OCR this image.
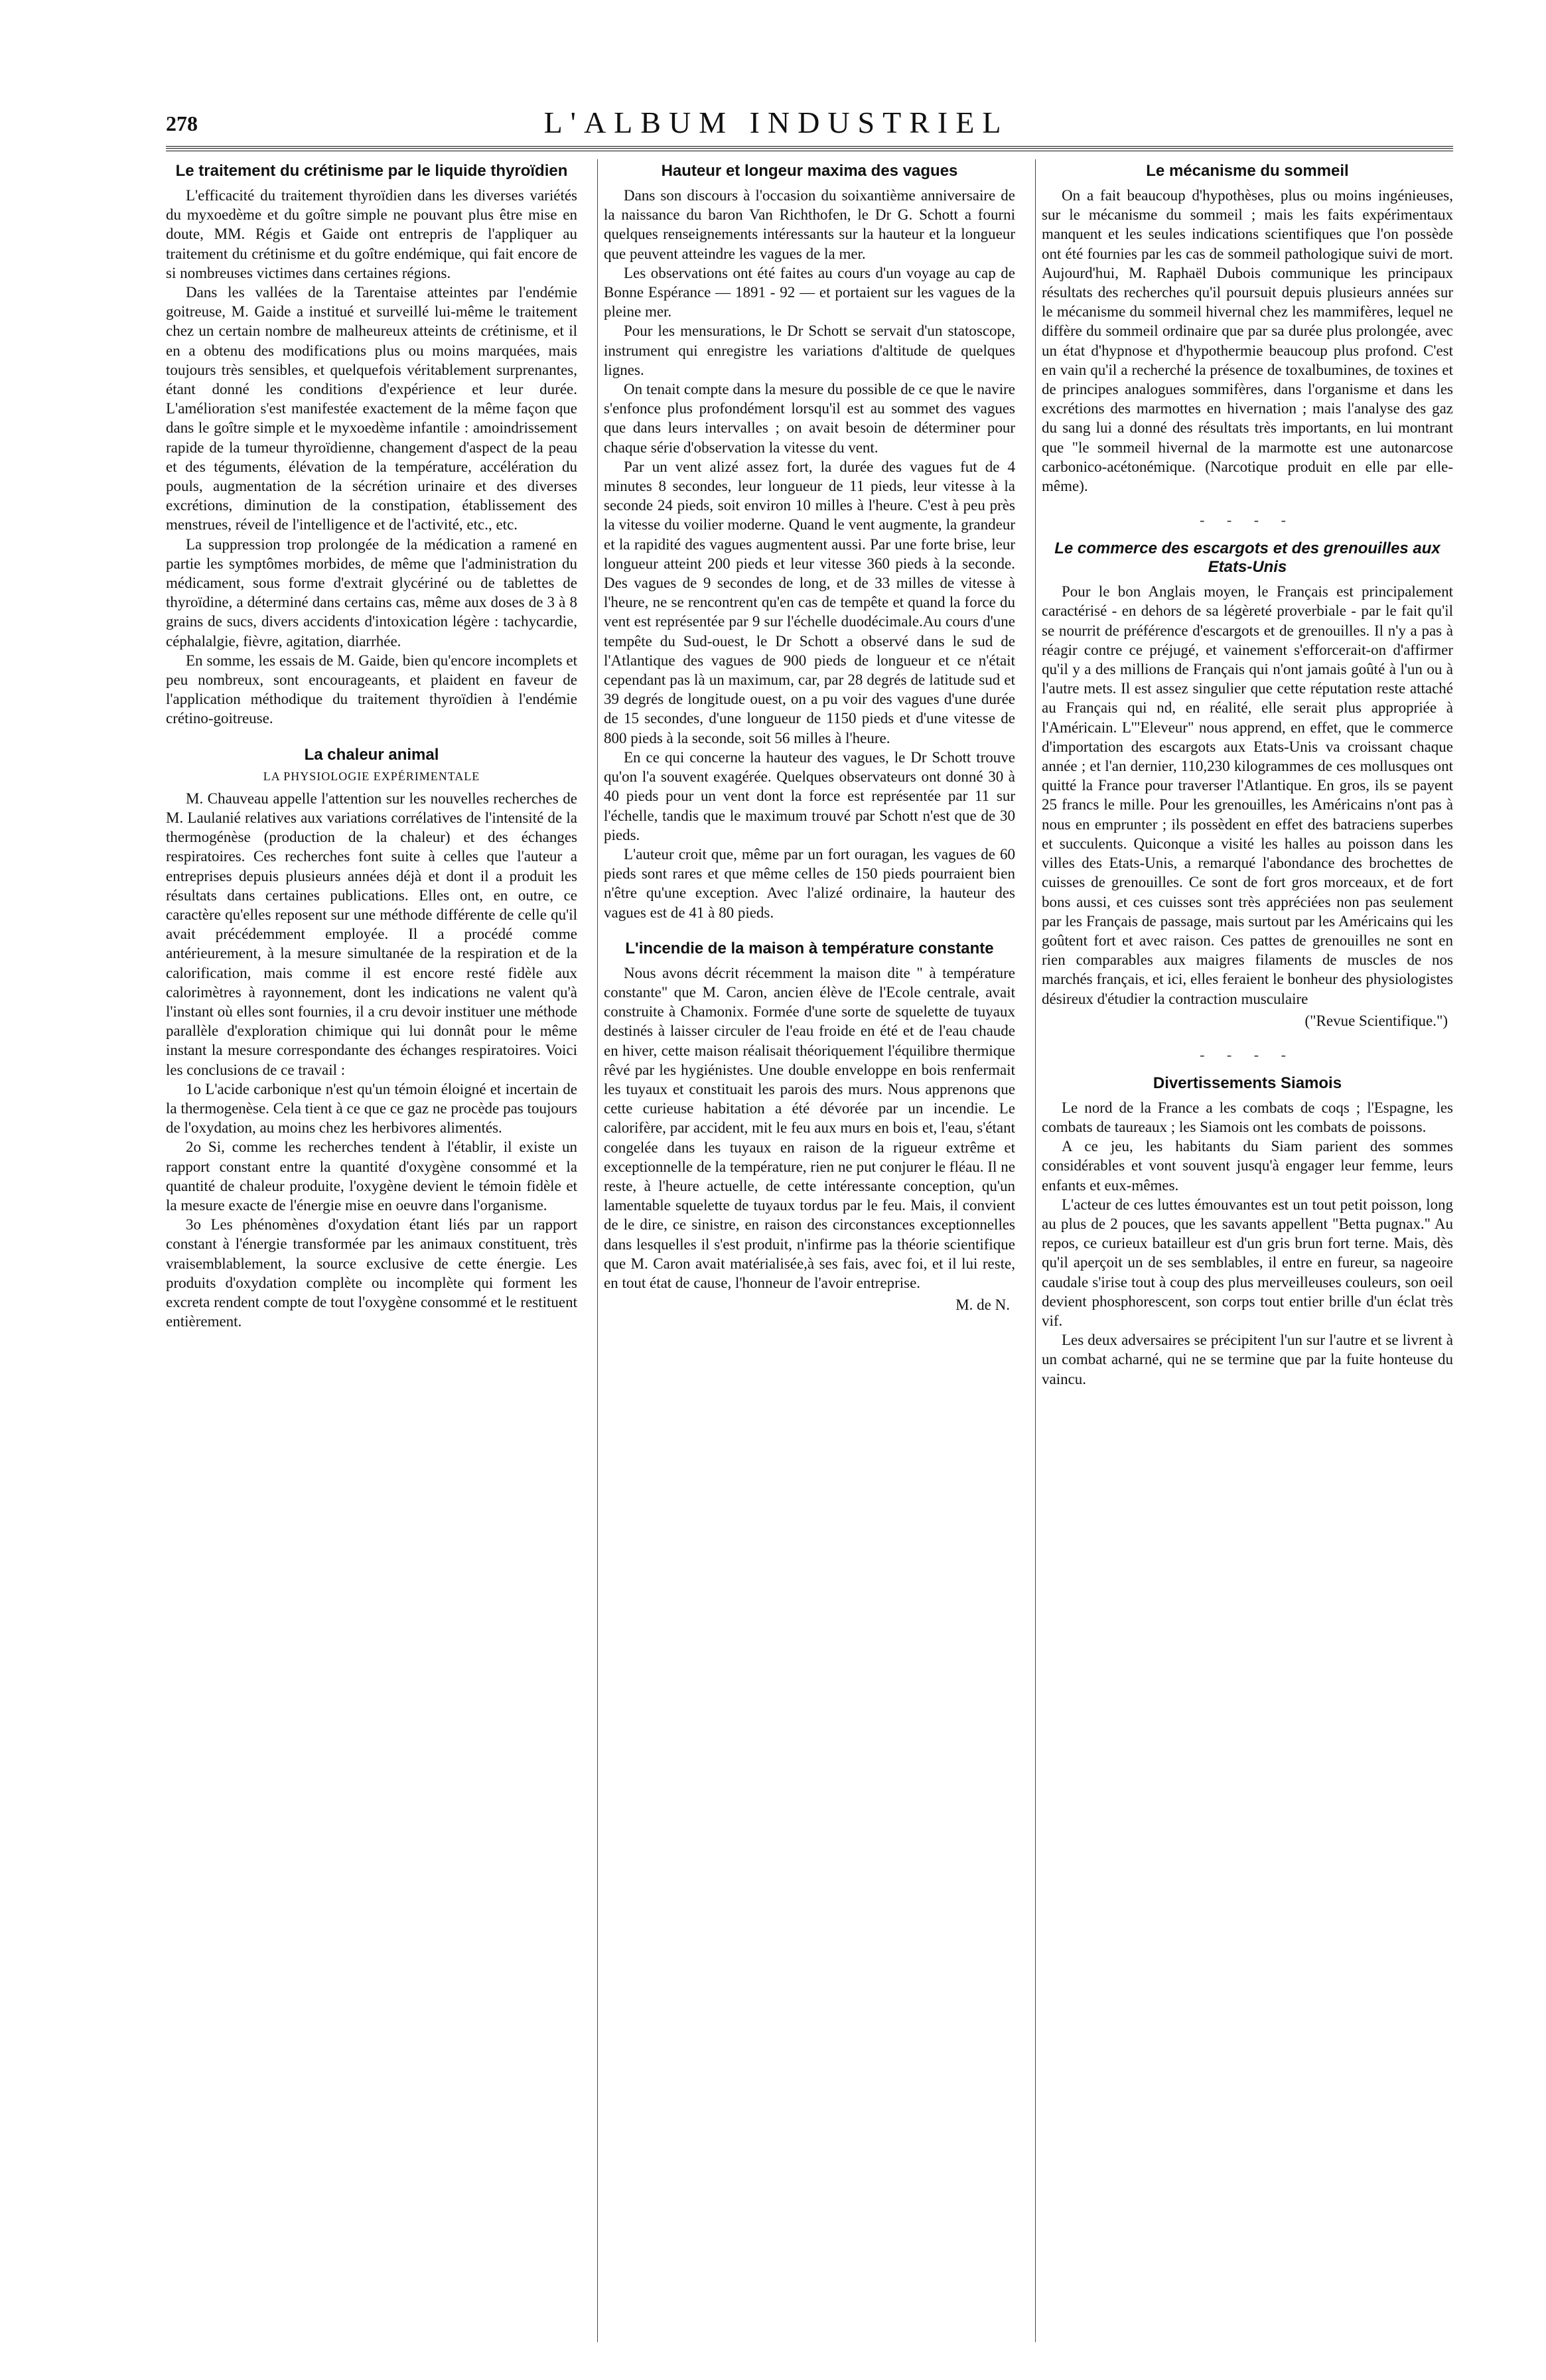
278	L'ALBUM INDUSTRIEL
Le traitement du crétinisme par le liquide thyroïdien

L'efficacité du traitement thyroïdien dans les diverses variétés du myxoedème et du goître simple ne pouvant plus être mise en doute, MM. Régis et Gaide ont entrepris de l'appliquer au traitement du crétinisme et du goître endémique, qui fait encore de si nombreuses victimes dans certaines régions.

Dans les vallées de la Tarentaise atteintes par l'endémie goitreuse, M. Gaide a institué et surveillé lui-même le traitement chez un certain nombre de malheureux atteints de crétinisme, et il en a obtenu des modifications plus ou moins marquées, mais toujours très sensibles, et quelquefois véritablement surprenantes, étant donné les conditions d'expérience et leur durée. L'amélioration s'est manifestée exactement de la même façon que dans le goître simple et le myxoedème infantile : amoindrissement rapide de la tumeur thyroïdienne, changement d'aspect de la peau et des téguments, élévation de la température, accélération du pouls, augmentation de la sécrétion urinaire et des diverses excrétions, diminution de la constipation, établissement des menstrues, réveil de l'intelligence et de l'activité, etc., etc.

La suppression trop prolongée de la médication a ramené en partie les symptômes morbides, de même que l'administration du médicament, sous forme d'extrait glycériné ou de tablettes de thyroïdine, a déterminé dans certains cas, même aux doses de 3 à 8 grains de sucs, divers accidents d'intoxication légère : tachycardie, céphalalgie, fièvre, agitation, diarrhée.

En somme, les essais de M. Gaide, bien qu'encore incomplets et peu nombreux, sont encourageants, et plaident en faveur de l'application méthodique du traitement thyroïdien à l'endémie crétino-goitreuse.

La chaleur animal
LA PHYSIOLOGIE EXPÉRIMENTALE

M. Chauveau appelle l'attention sur les nouvelles recherches de M. Laulanié relatives aux variations corrélatives de l'intensité de la thermogénèse (production de la chaleur) et des échanges respiratoires. Ces recherches font suite à celles que l'auteur a entreprises depuis plusieurs années déjà et dont il a produit les résultats dans certaines publications. Elles ont, en outre, ce caractère qu'elles reposent sur une méthode différente de celle qu'il avait précédemment employée. Il a procédé comme antérieurement, à la mesure simultanée de la respiration et de la calorification, mais comme il est encore resté fidèle aux calorimètres à rayonnement, dont les indications ne valent qu'à l'instant où elles sont fournies, il a cru devoir instituer une méthode parallèle d'exploration chimique qui lui donnât pour le même instant la mesure correspondante des échanges respiratoires. Voici les conclusions de ce travail :

1o L'acide carbonique n'est qu'un témoin éloigné et incertain de la thermogenèse. Cela tient à ce que ce gaz ne procède pas toujours de l'oxydation, au moins chez les herbivores alimentés.

2o Si, comme les recherches tendent à l'établir, il existe un rapport constant entre la quantité d'oxygène consommé et la quantité de chaleur produite, l'oxygène devient le témoin fidèle et la mesure exacte de l'énergie mise en oeuvre dans l'organisme.

3o Les phénomènes d'oxydation étant liés par un rapport constant à l'énergie transformée par les animaux constituent, très vraisemblablement, la source exclusive de cette énergie. Les produits d'oxydation complète ou incomplète qui forment les excreta rendent compte de tout l'oxygène consommé et le restituent entièrement.

Hauteur et longeur maxima des vagues

Dans son discours à l'occasion du soixantième anniversaire de la naissance du baron Van Richthofen, le Dr G. Schott a fourni quelques renseignements intéressants sur la hauteur et la longueur que peuvent atteindre les vagues de la mer.

Les observations ont été faites au cours d'un voyage au cap de Bonne Espérance — 1891 - 92 — et portaient sur les vagues de la pleine mer.

Pour les mensurations, le Dr Schott se servait d'un statoscope, instrument qui enregistre les variations d'altitude de quelques lignes.

On tenait compte dans la mesure du possible de ce que le navire s'enfonce plus profondément lorsqu'il est au sommet des vagues que dans leurs intervalles ; on avait besoin de déterminer pour chaque série d'observation la vitesse du vent.

Par un vent alizé assez fort, la durée des vagues fut de 4 minutes 8 secondes, leur longueur de 11 pieds, leur vitesse à la seconde 24 pieds, soit environ 10 milles à l'heure. C'est à peu près la vitesse du voilier moderne. Quand le vent augmente, la grandeur et la rapidité des vagues augmentent aussi. Par une forte brise, leur longueur atteint 200 pieds et leur vitesse 360 pieds à la seconde. Des vagues de 9 secondes de long, et de 33 milles de vitesse à l'heure, ne se rencontrent qu'en cas de tempête et quand la force du vent est représentée par 9 sur l'échelle duodécimale.Au cours d'une tempête du Sud-ouest, le Dr Schott a observé dans le sud de l'Atlantique des vagues de 900 pieds de longueur et ce n'était cependant pas là un maximum, car, par 28 degrés de latitude sud et 39 degrés de longitude ouest, on a pu voir des vagues d'une durée de 15 secondes, d'une longueur de 1150 pieds et d'une vitesse de 800 pieds à la seconde, soit 56 milles à l'heure.

En ce qui concerne la hauteur des vagues, le Dr Schott trouve qu'on l'a souvent exagérée. Quelques observateurs ont donné 30 à 40 pieds pour un vent dont la force est représentée par 11 sur l'échelle, tandis que le maximum trouvé par Schott n'est que de 30 pieds.

L'auteur croit que, même par un fort ouragan, les vagues de 60 pieds sont rares et que même celles de 150 pieds pourraient bien n'être qu'une exception. Avec l'alizé ordinaire, la hauteur des vagues est de 41 à 80 pieds.

L'incendie de la maison à température constante

Nous avons décrit récemment la maison dite " à température constante" que M. Caron, ancien élève de l'Ecole centrale, avait construite à Chamonix. Formée d'une sorte de squelette de tuyaux destinés à laisser circuler de l'eau froide en été et de l'eau chaude en hiver, cette maison réalisait théoriquement l'équilibre thermique rêvé par les hygiénistes. Une double enveloppe en bois renfermait les tuyaux et constituait les parois des murs. Nous apprenons que cette curieuse habitation a été dévorée par un incendie. Le calorifère, par accident, mit le feu aux murs en bois et, l'eau, s'étant congelée dans les tuyaux en raison de la rigueur extrême et exceptionnelle de la température, rien ne put conjurer le fléau. Il ne reste, à l'heure actuelle, de cette intéressante conception, qu'un lamentable squelette de tuyaux tordus par le feu. Mais, il convient de le dire, ce sinistre, en raison des circonstances exceptionnelles dans lesquelles il s'est produit, n'infirme pas la théorie scientifique que M. Caron avait matérialisée,à ses fais, avec foi, et il lui reste, en tout état de cause, l'honneur de l'avoir entreprise.

M. de N.
Le mécanisme du sommeil

On a fait beaucoup d'hypothèses, plus ou moins ingénieuses, sur le mécanisme du sommeil ; mais les faits expérimentaux manquent et les seules indications scientifiques que l'on possède ont été fournies par les cas de sommeil pathologique suivi de mort. Aujourd'hui, M. Raphaël Dubois communique les principaux résultats des recherches qu'il poursuit depuis plusieurs années sur le mécanisme du sommeil hivernal chez les mammifères, lequel ne diffère du sommeil ordinaire que par sa durée plus prolongée, avec un état d'hypnose et d'hypothermie beaucoup plus profond. C'est en vain qu'il a recherché la présence de toxalbumines, de toxines et de principes analogues sommifères, dans l'organisme et dans les excrétions des marmottes en hivernation ; mais l'analyse des gaz du sang lui a donné des résultats très importants, en lui montrant que "le sommeil hivernal de la marmotte est une autonarcose carbonico-acétonémique. (Narcotique produit en elle par elle-même).

- - - -
Le commerce des escargots et des grenouilles aux Etats-Unis

Pour le bon Anglais moyen, le Français est principalement caractérisé - en dehors de sa légèreté proverbiale - par le fait qu'il se nourrit de préférence d'escargots et de grenouilles. Il n'y a pas à réagir contre ce préjugé, et vainement s'efforcerait-on d'affirmer qu'il y a des millions de Français qui n'ont jamais goûté à l'un ou à l'autre mets. Il est assez singulier que cette réputation reste attaché au Français qui nd, en réalité, elle serait plus appropriée à l'Américain. L'"Eleveur" nous apprend, en effet, que le commerce d'importation des escargots aux Etats-Unis va croissant chaque année ; et l'an dernier, 110,230 kilogrammes de ces mollusques ont quitté la France pour traverser l'Atlantique. En gros, ils se payent 25 francs le mille. Pour les grenouilles, les Américains n'ont pas à nous en emprunter ; ils possèdent en effet des batraciens superbes et succulents. Quiconque a visité les halles au poisson dans les villes des Etats-Unis, a remarqué l'abondance des brochettes de cuisses de grenouilles. Ce sont de fort gros morceaux, et de fort bons aussi, et ces cuisses sont très appréciées non pas seulement par les Français de passage, mais surtout par les Américains qui les goûtent fort et avec raison. Ces pattes de grenouilles ne sont en rien comparables aux maigres filaments de muscles de nos marchés français, et ici, elles feraient le bonheur des physiologistes désireux d'étudier la contraction musculaire

("Revue Scientifique.")
- - - -
Divertissements Siamois

Le nord de la France a les combats de coqs ; l'Espagne, les combats de taureaux ; les Siamois ont les combats de poissons.

A ce jeu, les habitants du Siam parient des sommes considérables et vont souvent jusqu'à engager leur femme, leurs enfants et eux-mêmes.

L'acteur de ces luttes émouvantes est un tout petit poisson, long au plus de 2 pouces, que les savants appellent "Betta pugnax." Au repos, ce curieux batailleur est d'un gris brun fort terne. Mais, dès qu'il aperçoit un de ses semblables, il entre en fureur, sa nageoire caudale s'irise tout à coup des plus merveilleuses couleurs, son oeil devient phosphorescent, son corps tout entier brille d'un éclat très vif.

Les deux adversaires se précipitent l'un sur l'autre et se livrent à un combat acharné, qui ne se termine que par la fuite honteuse du vaincu.
